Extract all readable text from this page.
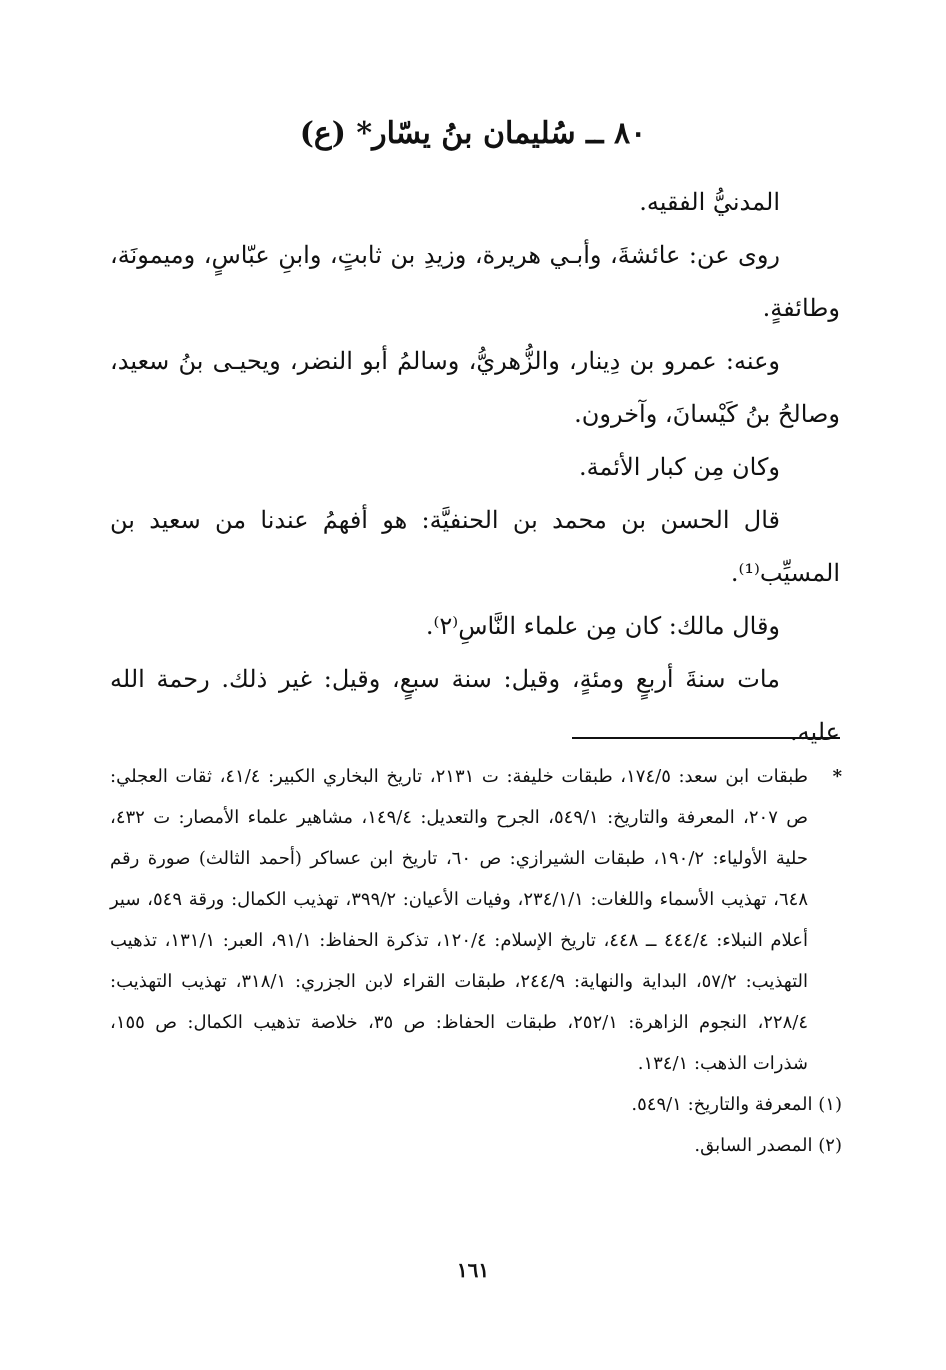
٨٠ ــ سُليمان بنُ يسّار* (ع)

المدنيُّ الفقيه.

روى عن: عائشةَ، وأبـي هريرة، وزيدِ بن ثابتٍ، وابنِ عبّاسٍ، وميمونَة، وطائفةٍ.

وعنه: عمرو بن دِينار، والزُّهريُّ، وسالمُ أبو النضر، ويحيـى بنُ سعيد، وصالحُ بنُ كَيْسانَ، وآخرون.

وكان مِن كبار الأئمة.

قال الحسن بن محمد بن الحنفيَّة: هو أفهمُ عندنا من سعيد بن المسيِّب⁽¹⁾.

وقال مالك: كان مِن علماء النَّاسِ⁽٢⁾.

مات سنةَ أربعٍ ومئةٍ، وقيل: سنة سبعٍ، وقيل: غير ذلك. رحمة الله عليه.

*طبقات ابن سعد: ١٧٤/٥، طبقات خليفة: ت ٢١٣١، تاريخ البخاري الكبير: ٤١/٤، ثقات العجلي: ص ٢٠٧، المعرفة والتاريخ: ٥٤٩/١، الجرح والتعديل: ١٤٩/٤، مشاهير علماء الأمصار: ت ٤٣٢، حلية الأولياء: ١٩٠/٢، طبقات الشيرازي: ص ٦٠، تاريخ ابن عساكر (أحمد الثالث) صورة رقم ٦٤٨، تهذيب الأسماء واللغات: ٢٣٤/١/١، وفيات الأعيان: ٣٩٩/٢، تهذيب الكمال: ورقة ٥٤٩، سير أعلام النبلاء: ٤٤٤/٤ ــ ٤٤٨، تاريخ الإسلام: ١٢٠/٤، تذكرة الحفاظ: ٩١/١، العبر: ١٣١/١، تذهيب التهذيب: ٥٧/٢، البداية والنهاية: ٢٤٤/٩، طبقات القراء لابن الجزري: ٣١٨/١، تهذيب التهذيب: ٢٢٨/٤، النجوم الزاهرة: ٢٥٢/١، طبقات الحفاظ: ص ٣٥، خلاصة تذهيب الكمال: ص ١٥٥، شذرات الذهب: ١٣٤/١.

(١) المعرفة والتاريخ: ٥٤٩/١.

(٢) المصدر السابق.

١٦١
